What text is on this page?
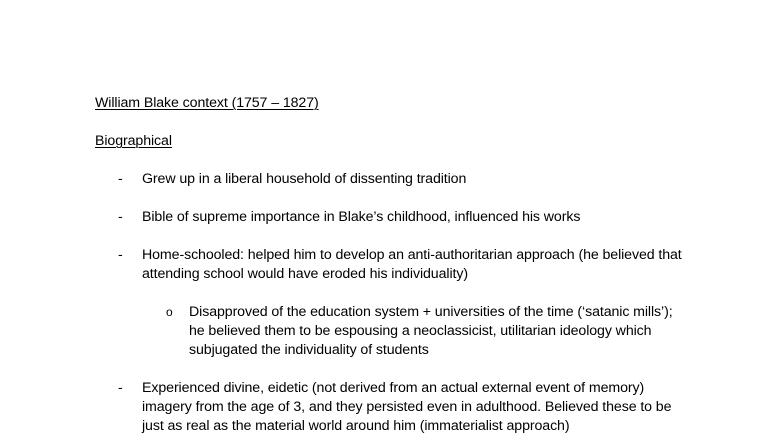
William Blake context (1757 – 1827)

Biographical

- Grew up in a liberal household of dissenting tradition
- Bible of supreme importance in Blake’s childhood, influenced his works
- Home-schooled: helped him to develop an anti-authoritarian approach (he believed that attending school would have eroded his individuality)
o Disapproved of the education system + universities of the time (‘satanic mills’); he believed them to be espousing a neoclassicist, utilitarian ideology which subjugated the individuality of students
- Experienced divine, eidetic (not derived from an actual external event of memory) imagery from the age of 3, and they persisted even in adulthood. Believed these to be just as real as the material world around him (immaterialist approach)
